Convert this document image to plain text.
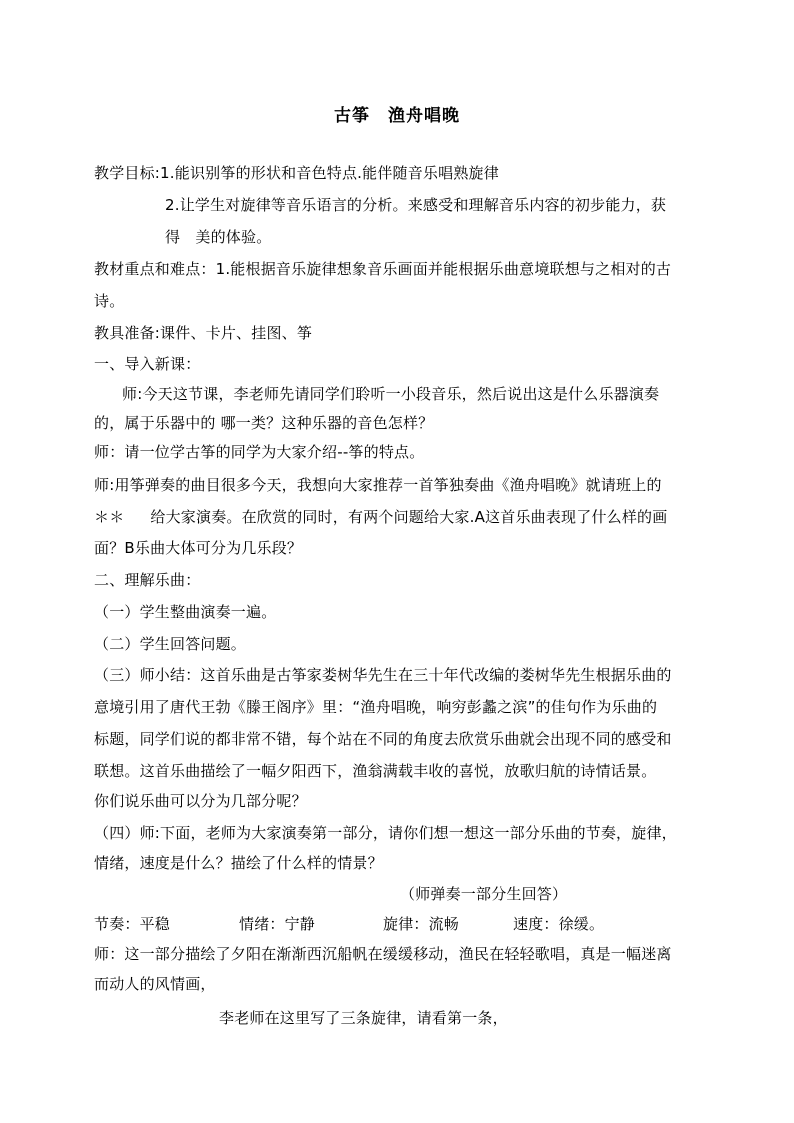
古筝　渔舟唱晚
教学目标:1.能识别筝的形状和音色特点.能伴随音乐唱熟旋律
2.让学生对旋律等音乐语言的分析。来感受和理解音乐内容的初步能力，获
得　美的体验。
教材重点和难点：1.能根据音乐旋律想象音乐画面并能根据乐曲意境联想与之相对的古
诗。
教具准备:课件、卡片、挂图、筝
一、导入新课：
师:今天这节课，李老师先请同学们聆听一小段音乐，然后说出这是什么乐器演奏
的，属于乐器中的 哪一类？这种乐器的音色怎样？
师：请一位学古筝的同学为大家介绍--筝的特点。
师:用筝弹奏的曲目很多今天，我想向大家推荐一首筝独奏曲《渔舟唱晚》就请班上的
＊＊ 给大家演奏。在欣赏的同时，有两个问题给大家.A这首乐曲表现了什么样的画
面？B乐曲大体可分为几乐段？
二、理解乐曲：
（一）学生整曲演奏一遍。
（二）学生回答问题。
（三）师小结：这首乐曲是古筝家娄树华先生在三十年代改编的娄树华先生根据乐曲的
意境引用了唐代王勃《滕王阁序》里：“渔舟唱晚，响穷彭蠡之滨”的佳句作为乐曲的
标题，同学们说的都非常不错，每个站在不同的角度去欣赏乐曲就会出现不同的感受和
联想。这首乐曲描绘了一幅夕阳西下，渔翁满载丰收的喜悦，放歌归航的诗情话景。
你们说乐曲可以分为几部分呢？
（四）师:下面，老师为大家演奏第一部分，请你们想一想这一部分乐曲的节奏，旋律，
情绪，速度是什么？描绘了什么样的情景？
（师弹奏一部分生回答）
节奏：平稳	情绪：宁静	旋律：流畅	速度：徐缓。
师：这一部分描绘了夕阳在渐渐西沉船帆在缓缓移动，渔民在轻轻歌唱，真是一幅迷离
而动人的风情画，
李老师在这里写了三条旋律，请看第一条，
